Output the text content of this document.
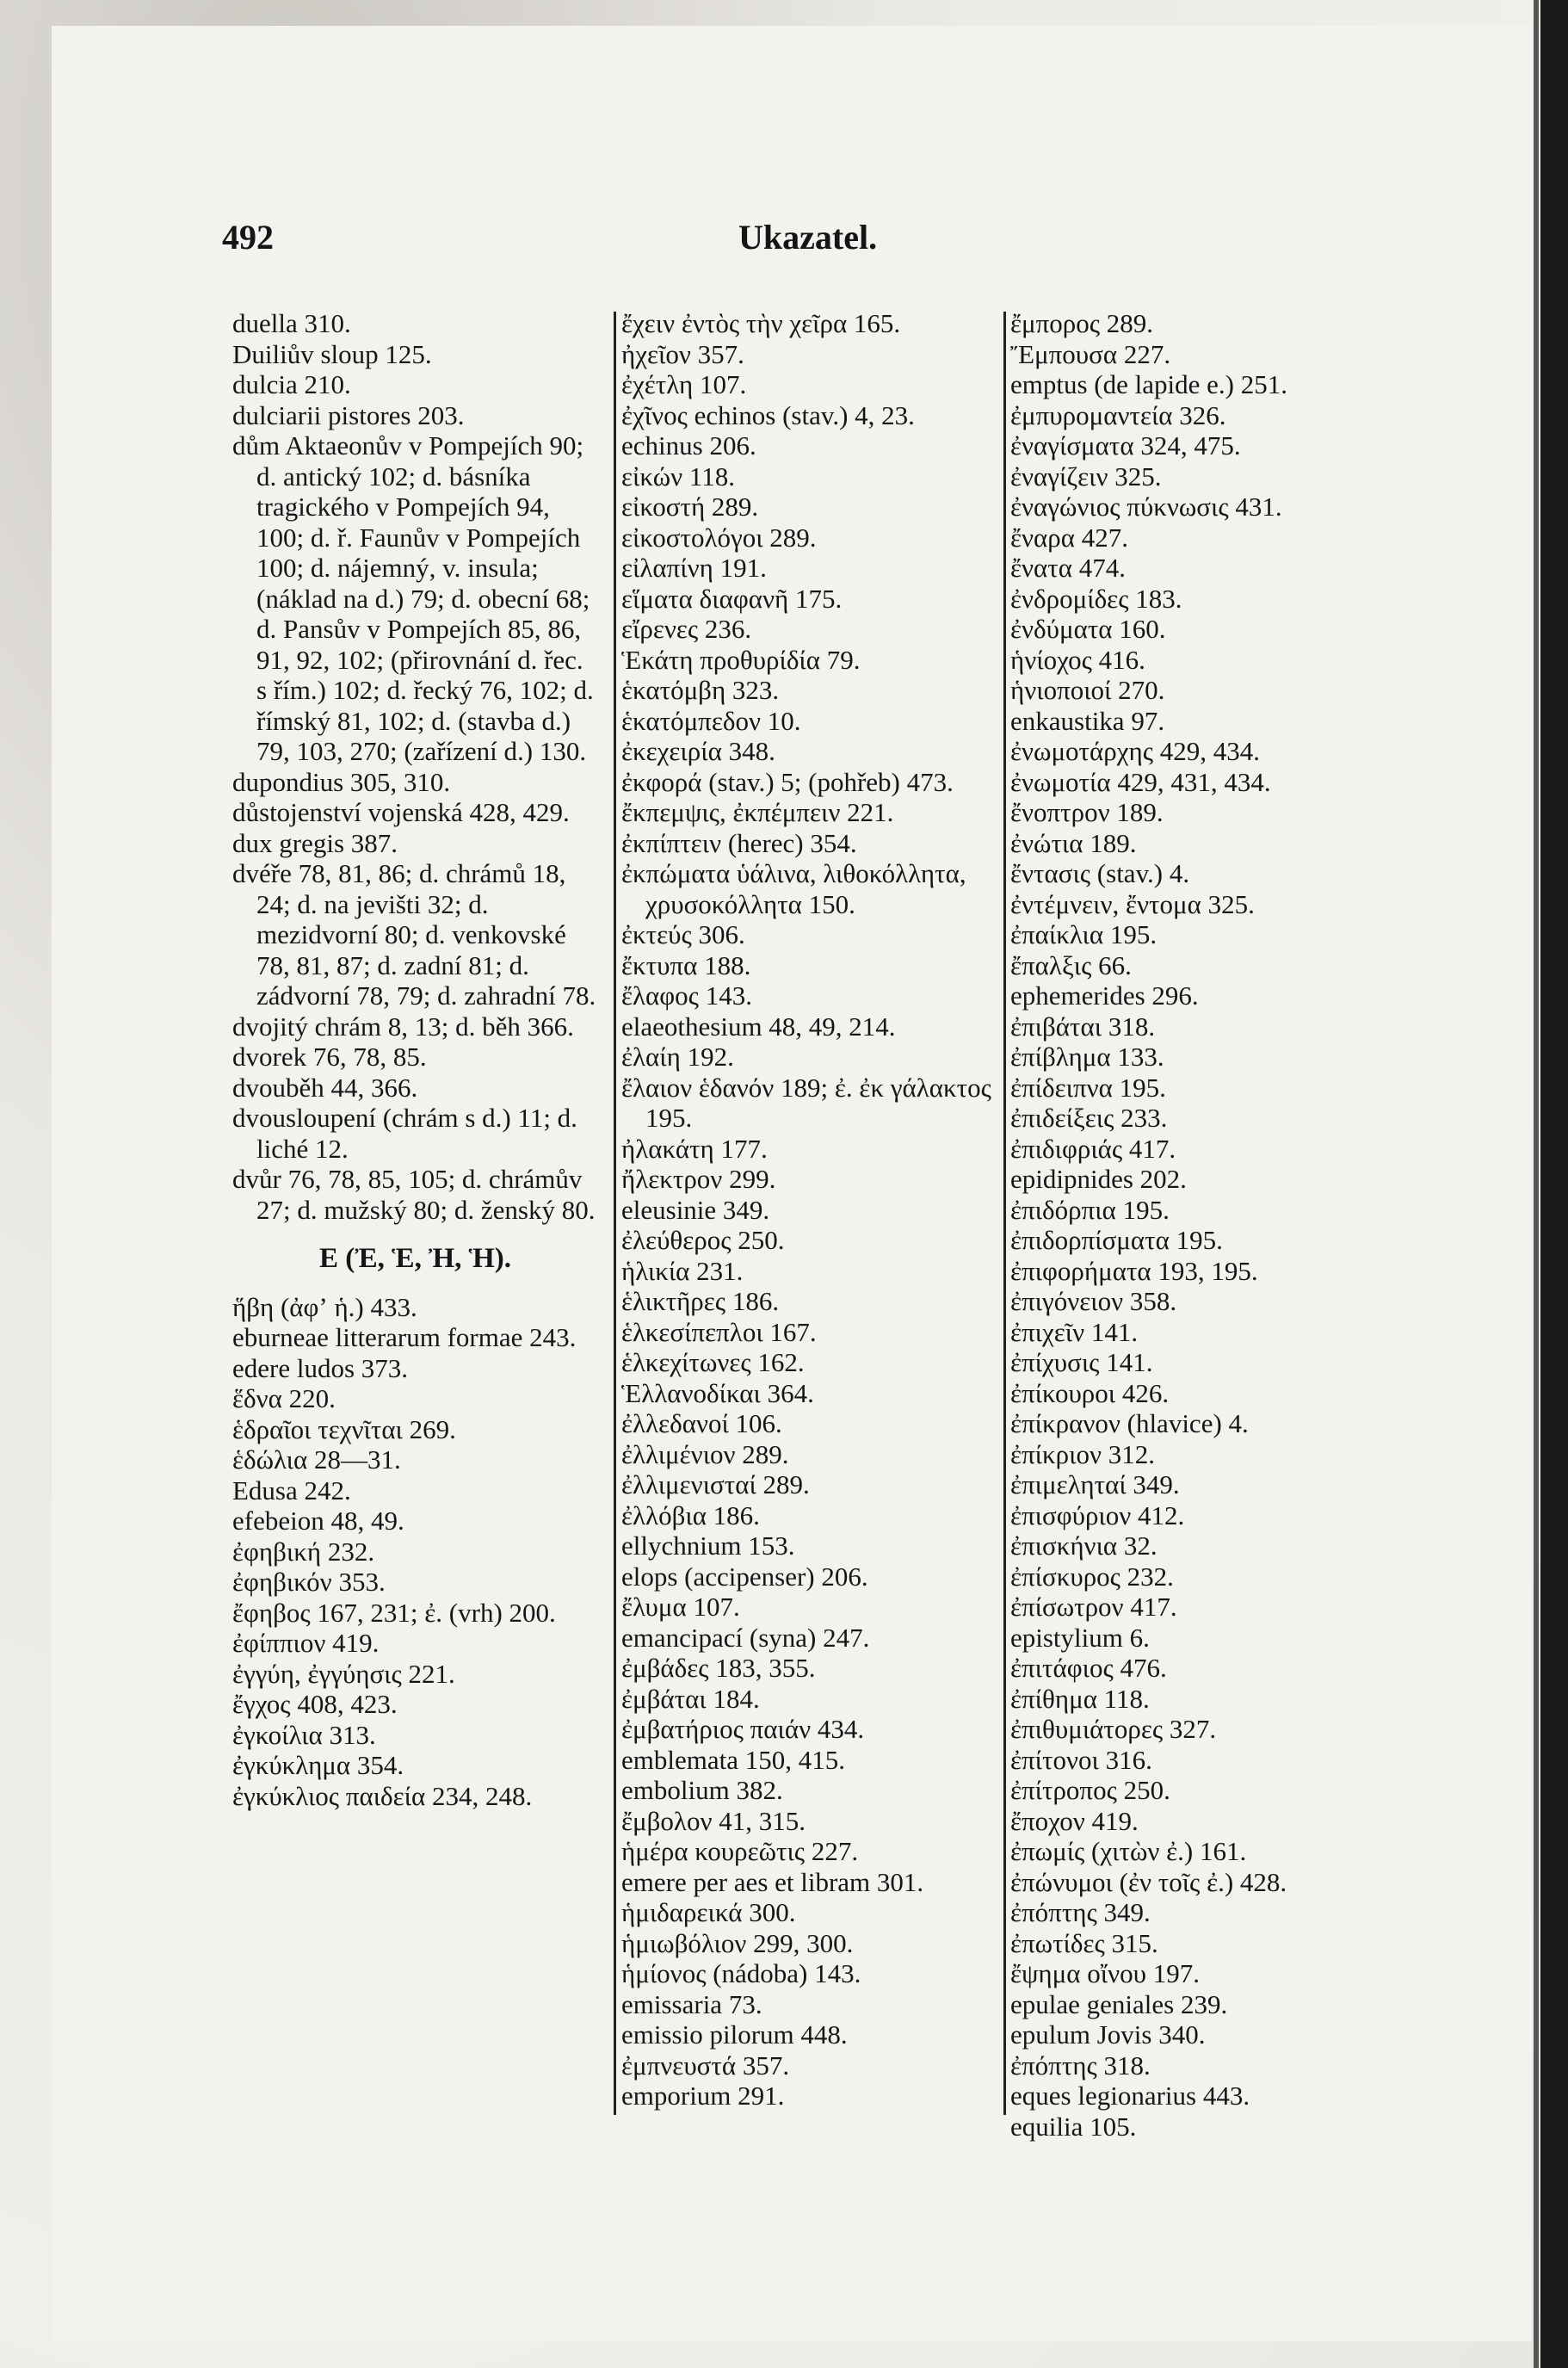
492	Ukazatel.
duella 310.
Duiliův sloup 125.
dulcia 210.
dulciarii pistores 203.
dům Aktaeonův v Pompejích 90; d. antický 102; d. básníka tragického v Pompejích 94, 100; d. ř. Faunův v Pompejích 100; d. nájemný, v. insula; (náklad na d.) 79; d. obecní 68; d. Pansův v Pompejích 85, 86, 91, 92, 102; (přirovnání d. řec. s řím.) 102; d. řecký 76, 102; d. římský 81, 102; d. (stavba d.) 79, 103, 270; (zařízení d.) 130.
dupondius 305, 310.
důstojenství vojenská 428, 429.
dux gregis 387.
dvéře 78, 81, 86; d. chrámů 18, 24; d. na jevišti 32; d. mezidvorní 80; d. venkovské 78, 81, 87; d. zadní 81; d. zádvorní 78, 79; d. zahradní 78.
dvojitý chrám 8, 13; d. běh 366.
dvorek 76, 78, 85.
dvouběh 44, 366.
dvousloupení (chrám s d.) 11; d. liché 12.
dvůr 76, 78, 85, 105; d. chrámův 27; d. mužský 80; d. ženský 80.
E (Ἐ, Ἑ, Ἠ, Ἡ).
ἥβη (ἀφʼ ἡ.) 433.
eburneae litterarum formae 243.
edere ludos 373.
ἕδνα 220.
ἑδραῖοι τεχνῖται 269.
ἑδώλια 28—31.
Edusa 242.
efebeion 48, 49.
ἐφηβική 232.
ἐφηβικόν 353.
ἔφηβος 167, 231; ἐ. (vrh) 200.
ἐφίππιον 419.
ἐγγύη, ἐγγύησις 221.
ἔγχος 408, 423.
ἐγκοίλια 313.
ἐγκύκλημα 354.
ἐγκύκλιος παιδεία 234, 248.
ἔχειν ἐντὸς τὴν χεῖρα 165.
ἠχεῖον 357.
ἐχέτλη 107.
ἐχῖνος echinos (stav.) 4, 23.
echinus 206.
εἰκών 118.
εἰκοστή 289.
εἰκοστολόγοι 289.
εἰλαπίνη 191.
εἵματα διαφανῆ 175.
εἴρενες 236.
Ἑκάτη προθυρίδία 79.
ἑκατόμβη 323.
ἑκατόμπεδον 10.
ἐκεχειρία 348.
ἐκφορά (stav.) 5; (pohřeb) 473.
ἔκπεμψις, ἐκπέμπειν 221.
ἐκπίπτειν (herec) 354.
ἐκπώματα ὑάλινα, λιθοκόλλητα, χρυσοκόλλητα 150.
ἐκτεύς 306.
ἔκτυπα 188.
ἔλαφος 143.
elaeothesium 48, 49, 214.
ἐλαίη 192.
ἔλαιον ἑδανόν 189; ἐ. ἐκ γάλακτος 195.
ἠλακάτη 177.
ἤλεκτρον 299.
eleusinie 349.
ἐλεύθερος 250.
ἡλικία 231.
ἑλικτῆρες 186.
ἑλκεσίπεπλοι 167.
ἑλκεχίτωνες 162.
Ἑλλανοδίκαι 364.
ἐλλεδανοί 106.
ἐλλιμένιον 289.
ἐλλιμενισταί 289.
ἐλλόβια 186.
ellychnium 153.
elops (accipenser) 206.
ἔλυμα 107.
emancipací (syna) 247.
ἐμβάδες 183, 355.
ἐμβάται 184.
ἐμβατήριος παιάν 434.
emblemata 150, 415.
embolium 382.
ἔμβολον 41, 315.
ἡμέρα κουρεῶτις 227.
emere per aes et libram 301.
ἡμιδαρεικά 300.
ἡμιωβόλιον 299, 300.
ἡμίονος (nádoba) 143.
emissaria 73.
emissio pilorum 448.
ἐμπνευστά 357.
emporium 291.
ἔμπορος 289.
Ἔμπουσα 227.
emptus (de lapide e.) 251.
ἐμπυρομαντεία 326.
ἐναγίσματα 324, 475.
ἐναγίζειν 325.
ἐναγώνιος πύκνωσις 431.
ἔναρα 427.
ἔνατα 474.
ἐνδρομίδες 183.
ἐνδύματα 160.
ἡνίοχος 416.
ἡνιοποιοί 270.
enkaustika 97.
ἐνωμοτάρχης 429, 434.
ἐνωμοτία 429, 431, 434.
ἔνοπτρον 189.
ἐνώτια 189.
ἔντασις (stav.) 4.
ἐντέμνειν, ἔντομα 325.
ἐπαίκλια 195.
ἔπαλξις 66.
ephemerides 296.
ἐπιβάται 318.
ἐπίβλημα 133.
ἐπίδειπνα 195.
ἐπιδείξεις 233.
ἐπιδιφριάς 417.
epidipnides 202.
ἐπιδόρπια 195.
ἐπιδορπίσματα 195.
ἐπιφορήματα 193, 195.
ἐπιγόνειον 358.
ἐπιχεῖν 141.
ἐπίχυσις 141.
ἐπίκουροι 426.
ἐπίκρανον (hlavice) 4.
ἐπίκριον 312.
ἐπιμεληταί 349.
ἐπισφύριον 412.
ἐπισκήνια 32.
ἐπίσκυρος 232.
ἐπίσωτρον 417.
epistylium 6.
ἐπιτάφιος 476.
ἐπίθημα 118.
ἐπιθυμιάτορες 327.
ἐπίτονοι 316.
ἐπίτροπος 250.
ἔποχον 419.
ἐπωμίς (χιτὼν ἐ.) 161.
ἐπώνυμοι (ἐν τοῖς ἐ.) 428.
ἐπόπτης 349.
ἐπωτίδες 315.
ἔψημα οἴνου 197.
epulae geniales 239.
epulum Jovis 340.
ἐπόπτης 318.
eques legionarius 443.
equilia 105.
